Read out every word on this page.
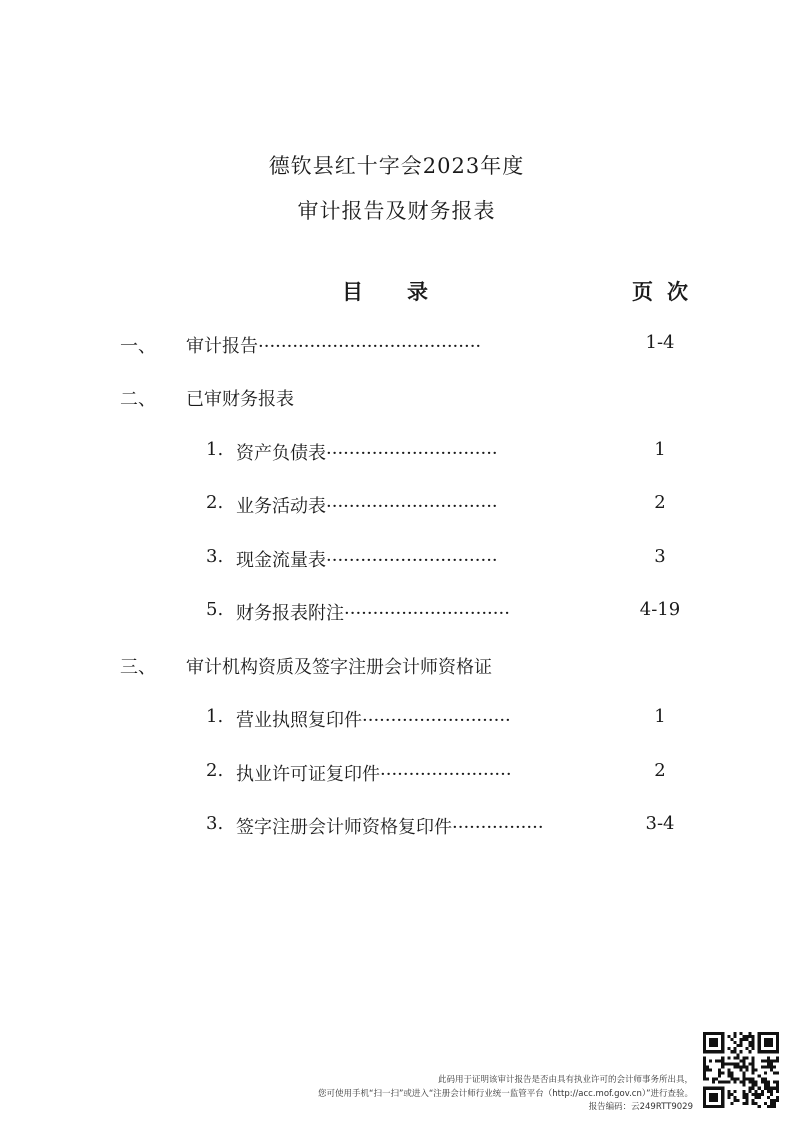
德钦县红十字会2023年度
审计报告及财务报表
目录	页次
一、 审计报告·······································	1-4
二、 已审财务报表
1. 资产负债表······························	1
2. 业务活动表······························	2
3. 现金流量表······························	3
5. 财务报表附注·····························	4-19
三、 审计机构资质及签字注册会计师资格证
1. 营业执照复印件··························	1
2. 执业许可证复印件·······················	2
3. 签字注册会计师资格复印件················	3-4
此码用于证明该审计报告是否由具有执业许可的会计师事务所出具，
您可使用手机“扫一扫”或进入“注册会计师行业统一监管平台（http://acc.mof.gov.cn）”进行查验。
报告编码：云249RTT9029
